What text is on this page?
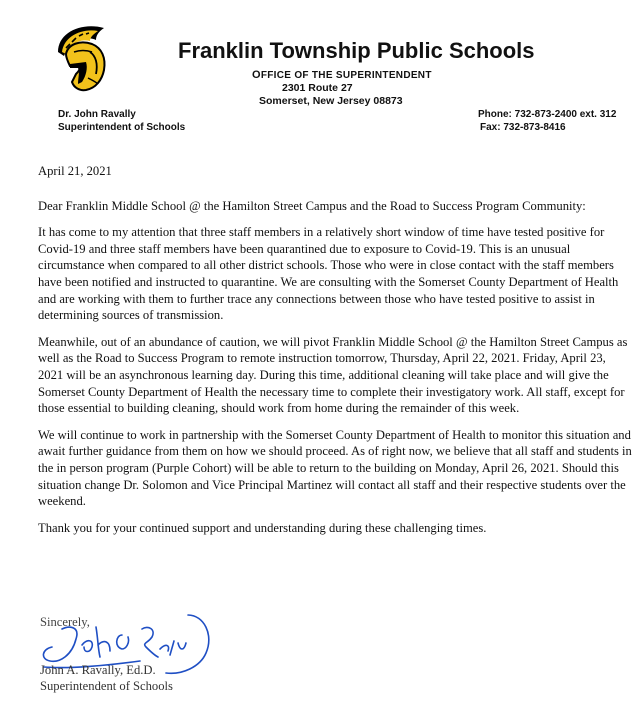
Franklin Township Public Schools
OFFICE OF THE SUPERINTENDENT
2301 Route 27
Somerset, New Jersey 08873
Dr. John Ravally
Superintendent of Schools
Phone: 732-873-2400 ext. 312
Fax: 732-873-8416

April 21, 2021

Dear Franklin Middle School @ the Hamilton Street Campus and the Road to Success Program Community:

It has come to my attention that three staff members in a relatively short window of time have tested positive for Covid-19 and three staff members have been quarantined due to exposure to Covid-19. This is an unusual circumstance when compared to all other district schools. Those who were in close contact with the staff members have been notified and instructed to quarantine. We are consulting with the Somerset County Department of Health and are working with them to further trace any connections between those who have tested positive to assist in determining sources of transmission.

Meanwhile, out of an abundance of caution, we will pivot Franklin Middle School @ the Hamilton Street Campus as well as the Road to Success Program to remote instruction tomorrow, Thursday, April 22, 2021. Friday, April 23, 2021 will be an asynchronous learning day. During this time, additional cleaning will take place and will give the Somerset County Department of Health the necessary time to complete their investigatory work. All staff, except for those essential to building cleaning, should work from home during the remainder of this week.

We will continue to work in partnership with the Somerset County Department of Health to monitor this situation and await further guidance from them on how we should proceed. As of right now, we believe that all staff and students in the in person program (Purple Cohort) will be able to return to the building on Monday, April 26, 2021. Should this situation change Dr. Solomon and Vice Principal Martinez will contact all staff and their respective students over the weekend.

Thank you for your continued support and understanding during these challenging times.

Sincerely,
John A. Ravally, Ed.D.
Superintendent of Schools
